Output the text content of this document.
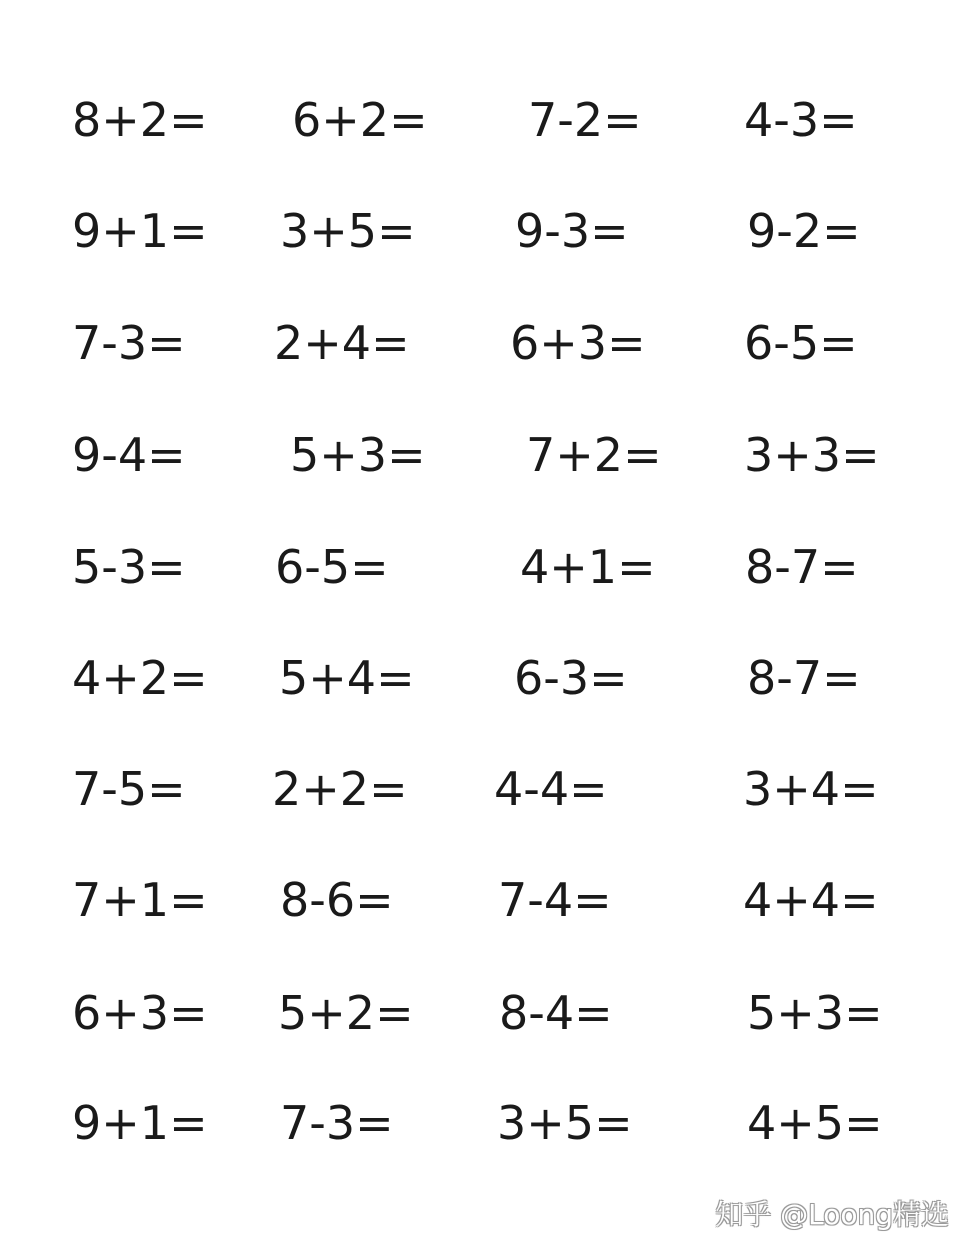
8+2= 6+2= 7-2= 4-3=
9+1= 3+5= 9-3=	9-2=
7-3= 2+4= 6+3= 6-5=
9-4= 5+3= 7+2= 3+3=
5-3= 6-5=	4+1= 8-7=
4+2= 5+4= 6-3=	8-7=
7-5= 2+2= 4-4=	3+4=
7+1= 8-6= 7-4=	4+4=
6+3= 5+2= 8-4=	5+3=
9+1= 7-3= 3+5= 4+5=
知乎 @Loong精选
